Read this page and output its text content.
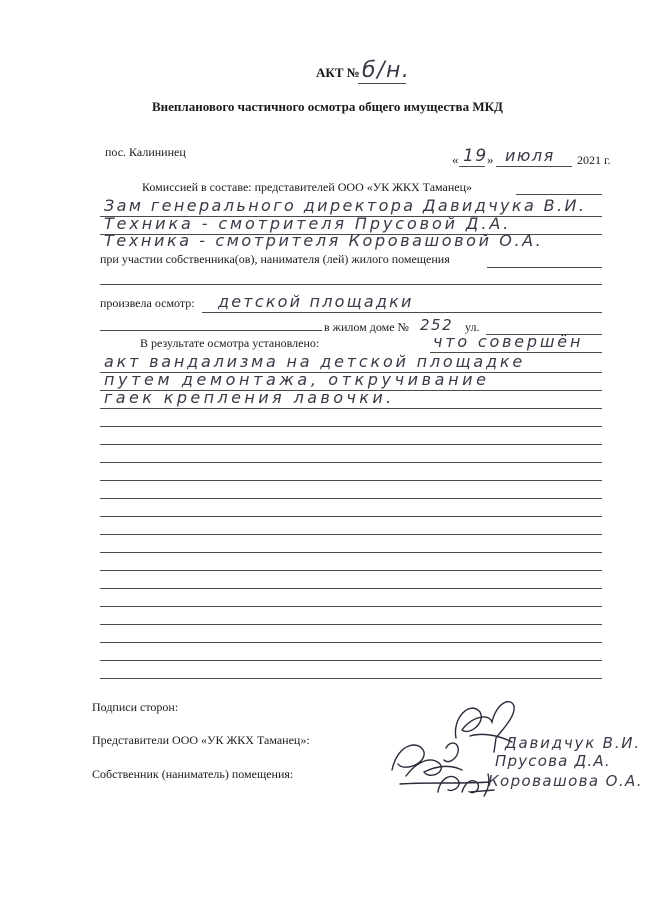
АКТ № б/н.
Внепланового частичного осмотра общего имущества МКД
пос. Калининец	« 19 » июля 2021 г.
Комиссией в составе: представителей ООО «УК ЖКХ Таманец»
Зам генерального директора Давидчука В.И.
Техника - смотрителя Прусовой Д.А.
Техника - смотрителя Коровашовой О.А.
при участии собственника(ов), нанимателя (лей) жилого помещения
произвела осмотр: детской площадки
в жилом доме № 252 ул.
В результате осмотра установлено:	что совершён
акт вандализма на детской площадке
путем демонтажа, откручивание
гаек крепления лавочки.
Подписи сторон:
Представители ООО «УК ЖКХ Таманец»:
Собственник (наниматель) помещения:
Давидчук В.И.
Прусова Д.А.
Коровашова О.А.
